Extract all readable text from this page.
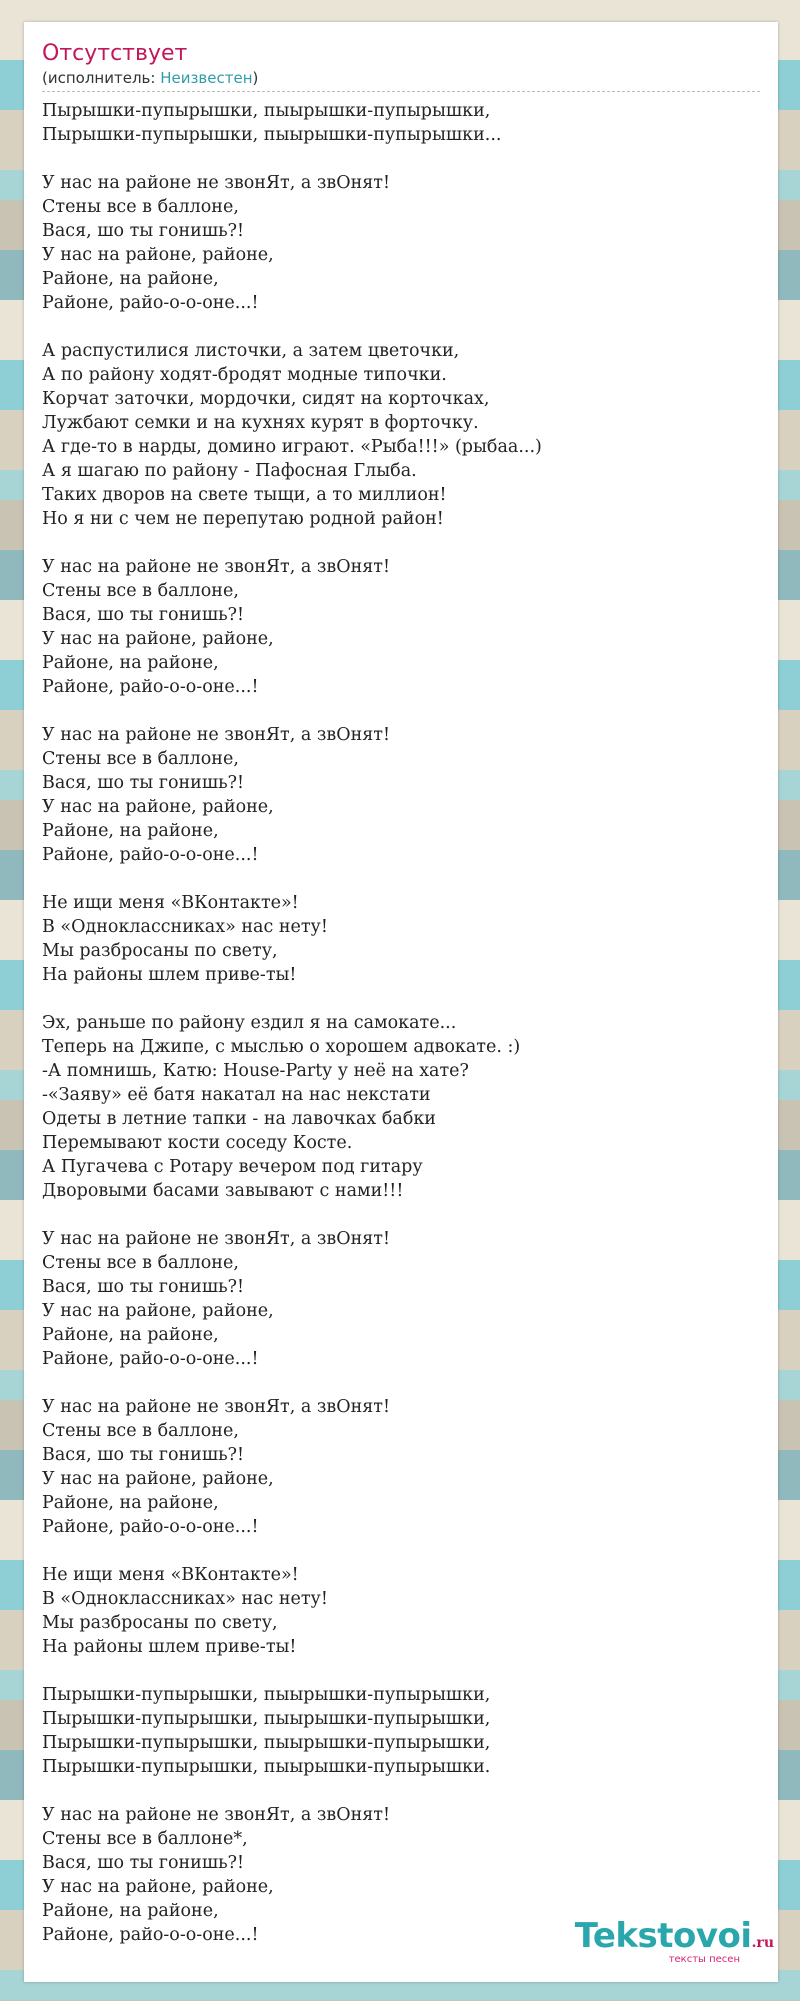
Отсутствует
(исполнитель: Неизвестен)
Пырышки-пупырышки, пыырышки-пупырышки,
Пырышки-пупырышки, пыырышки-пупырышки...

У нас на районе не звонЯт, а звОнят!
Стены все в баллоне,
Вася, шо ты гонишь?!
У нас на районе, районе,
Районе, на районе,
Районе, райо-о-о-оне...!

А распустилися листочки, а затем цветочки,
А по району ходят-бродят модные типочки.
Корчат заточки, мордочки, сидят на корточках,
Лужбают семки и на кухнях курят в форточку.
А где-то в нарды, домино играют. «Рыба!!!» (рыбаа...)
А я шагаю по району - Пафосная Глыба.
Таких дворов на свете тыщи, а то миллион!
Но я ни с чем не перепутаю родной район!

У нас на районе не звонЯт, а звОнят!
Стены все в баллоне,
Вася, шо ты гонишь?!
У нас на районе, районе,
Районе, на районе,
Районе, райо-о-о-оне...!

У нас на районе не звонЯт, а звОнят!
Стены все в баллоне,
Вася, шо ты гонишь?!
У нас на районе, районе,
Районе, на районе,
Районе, райо-о-о-оне...!

Не ищи меня «ВКонтакте»!
В «Одноклассниках» нас нету!
Мы разбросаны по свету,
На районы шлем приве-ты!

Эх, раньше по району ездил я на самокате...
Теперь на Джипе, с мыслью о хорошем адвокате. :)
-А помнишь, Катю: House-Party у неё на хате?
-«Заяву» её батя накатал на нас некстати
Одеты в летние тапки - на лавочках бабки
Перемывают кости соседу Косте.
А Пугачева с Ротару вечером под гитару
Дворовыми басами завывают с нами!!!

У нас на районе не звонЯт, а звОнят!
Стены все в баллоне,
Вася, шо ты гонишь?!
У нас на районе, районе,
Районе, на районе,
Районе, райо-о-о-оне...!

У нас на районе не звонЯт, а звОнят!
Стены все в баллоне,
Вася, шо ты гонишь?!
У нас на районе, районе,
Районе, на районе,
Районе, райо-о-о-оне...!

Не ищи меня «ВКонтакте»!
В «Одноклассниках» нас нету!
Мы разбросаны по свету,
На районы шлем приве-ты!

Пырышки-пупырышки, пыырышки-пупырышки,
Пырышки-пупырышки, пыырышки-пупырышки,
Пырышки-пупырышки, пыырышки-пупырышки,
Пырышки-пупырышки, пыырышки-пупырышки.

У нас на районе не звонЯт, а звОнят!
Стены все в баллоне*,
Вася, шо ты гонишь?!
У нас на районе, районе,
Районе, на районе,
Районе, райо-о-о-оне...!	Tekstovoi.ru
тексты песен
